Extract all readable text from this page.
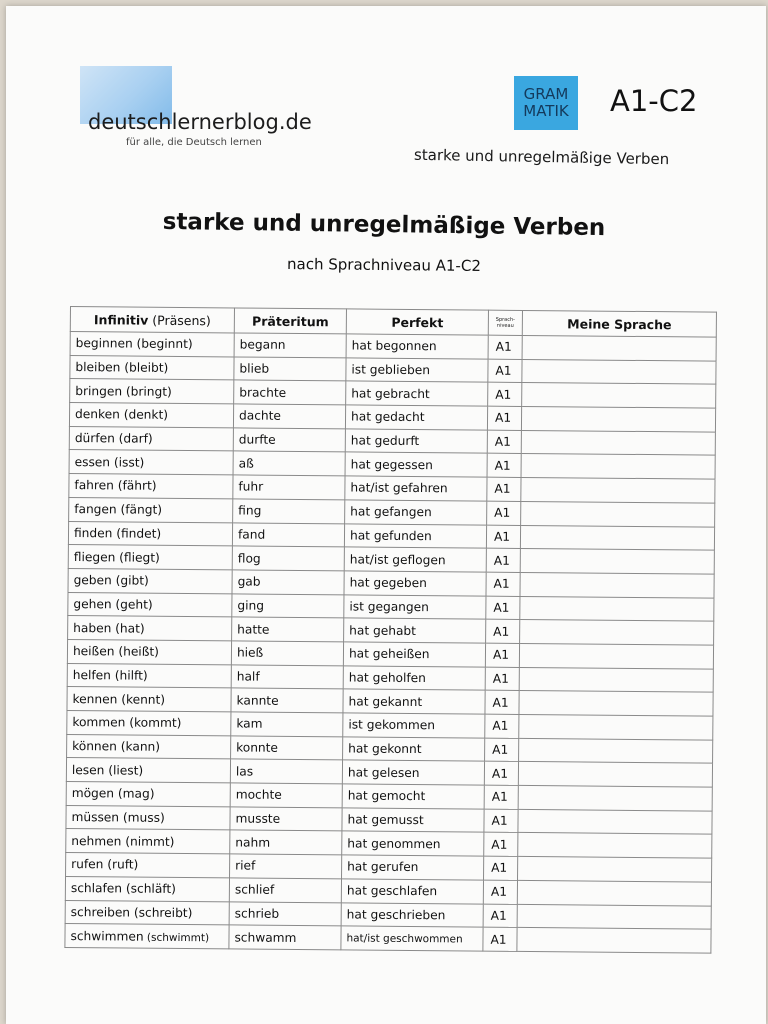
deutschlernerblog.de
für alle, die Deutsch lernen
GRAM
MATIK A1-C2
starke und unregelmäßige Verben
starke und unregelmäßige Verben
nach Sprachniveau A1-C2
Infinitiv (Präsens)	Präteritum	Perfekt	Sprach-niveau	Meine Sprache
beginnen (beginnt)	begann	hat begonnen	A1	
bleiben (bleibt)	blieb	ist geblieben	A1	
bringen (bringt)	brachte	hat gebracht	A1	
denken (denkt)	dachte	hat gedacht	A1	
dürfen (darf)	durfte	hat gedurft	A1	
essen (isst)	aß	hat gegessen	A1	
fahren (fährt)	fuhr	hat/ist gefahren	A1	
fangen (fängt)	fing	hat gefangen	A1	
finden (findet)	fand	hat gefunden	A1	
fliegen (fliegt)	flog	hat/ist geflogen	A1	
geben (gibt)	gab	hat gegeben	A1	
gehen (geht)	ging	ist gegangen	A1	
haben (hat)	hatte	hat gehabt	A1	
heißen (heißt)	hieß	hat geheißen	A1	
helfen (hilft)	half	hat geholfen	A1	
kennen (kennt)	kannte	hat gekannt	A1	
kommen (kommt)	kam	ist gekommen	A1	
können (kann)	konnte	hat gekonnt	A1	
lesen (liest)	las	hat gelesen	A1	
mögen (mag)	mochte	hat gemocht	A1	
müssen (muss)	musste	hat gemusst	A1	
nehmen (nimmt)	nahm	hat genommen	A1	
rufen (ruft)	rief	hat gerufen	A1	
schlafen (schläft)	schlief	hat geschlafen	A1	
schreiben (schreibt)	schrieb	hat geschrieben	A1	
schwimmen (schwimmt)	schwamm	hat/ist geschwommen	A1	
